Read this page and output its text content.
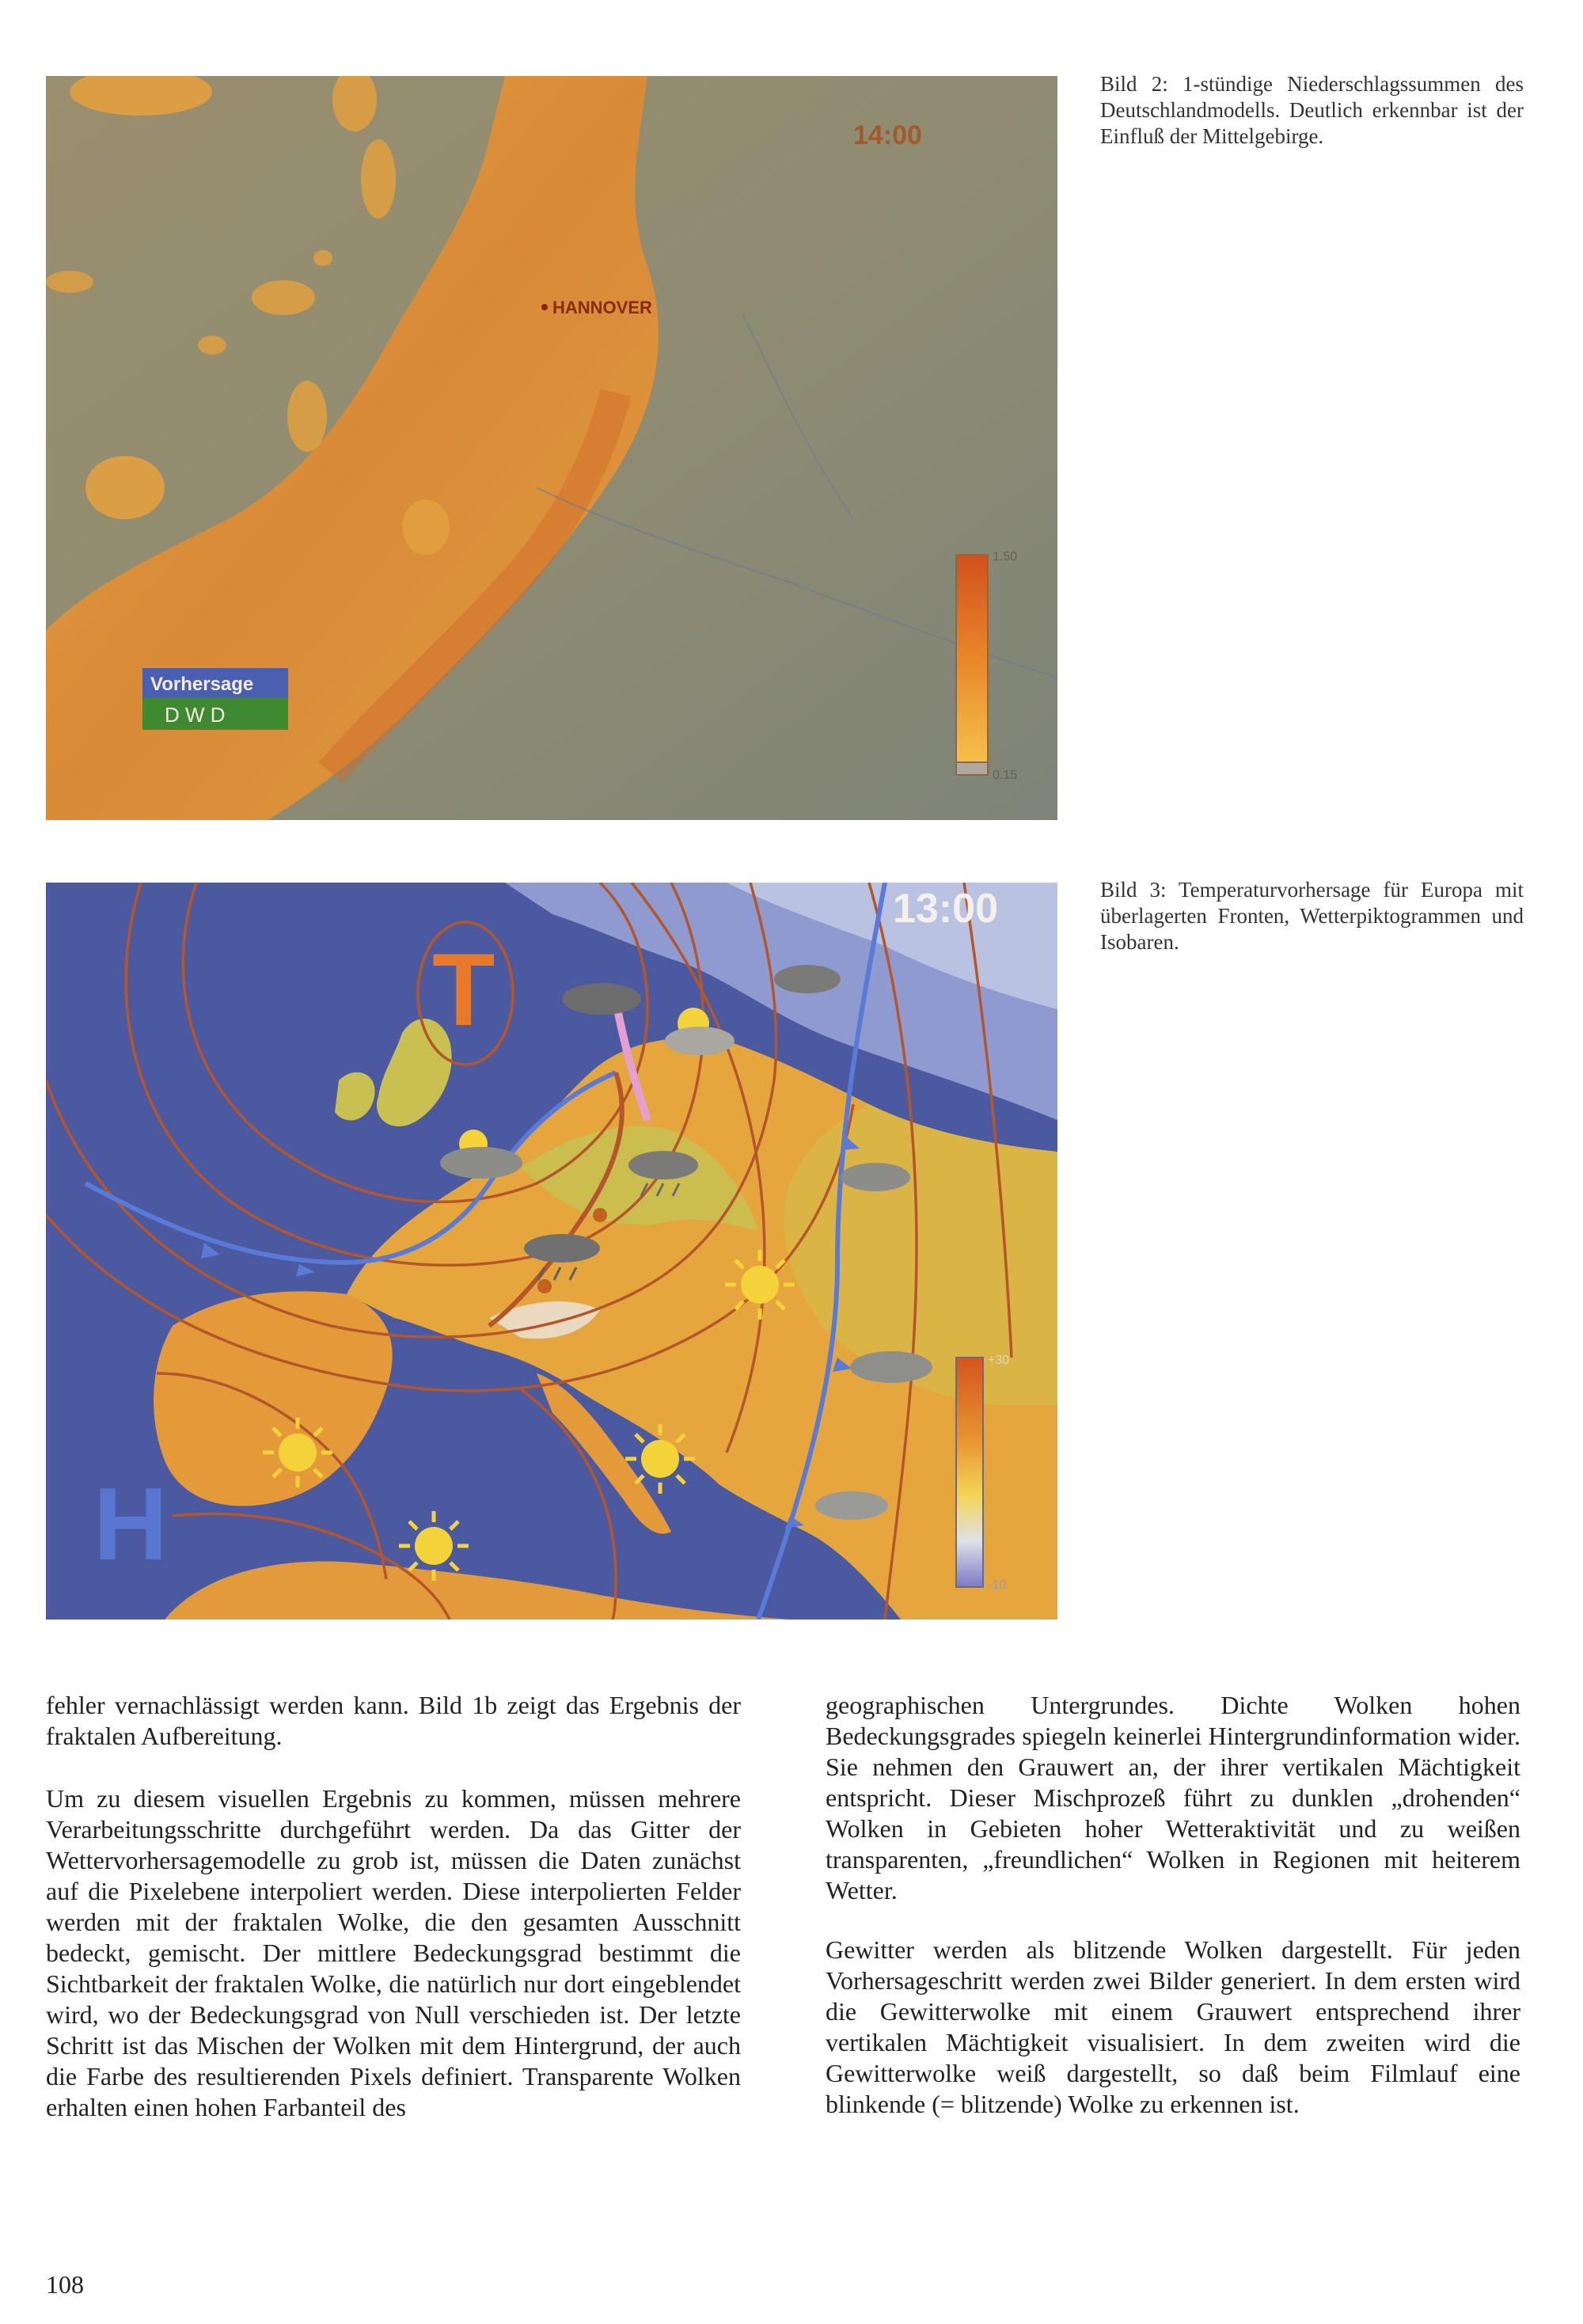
14:00
HANNOVER
1.50
0.15
Vorhersage
D W D
Bild 2: 1-stündige Niederschlagssummen des Deutschlandmodells. Deutlich erkennbar ist der Einfluß der Mittelgebirge.
T
H
13:00
+30
-10
Bild 3: Temperaturvorhersage für Europa mit überlagerten Fronten, Wetterpiktogrammen und Isobaren.

fehler vernachlässigt werden kann. Bild 1b zeigt das Ergebnis der fraktalen Aufbereitung.

Um zu diesem visuellen Ergebnis zu kommen, müssen mehrere Verarbeitungsschritte durchgeführt werden. Da das Gitter der Wettervorhersagemodelle zu grob ist, müssen die Daten zunächst auf die Pixelebene interpoliert werden. Diese interpolierten Felder werden mit der fraktalen Wolke, die den gesamten Ausschnitt bedeckt, gemischt. Der mittlere Bedeckungsgrad bestimmt die Sichtbarkeit der fraktalen Wolke, die natürlich nur dort eingeblendet wird, wo der Bedeckungsgrad von Null verschieden ist. Der letzte Schritt ist das Mischen der Wolken mit dem Hintergrund, der auch die Farbe des resultierenden Pixels definiert. Transparente Wolken erhalten einen hohen Farbanteil des

geographischen Untergrundes. Dichte Wolken hohen Bedeckungsgrades spiegeln keinerlei Hintergrundinformation wider. Sie nehmen den Grauwert an, der ihrer vertikalen Mächtigkeit entspricht. Dieser Mischprozeß führt zu dunklen „drohenden“ Wolken in Gebieten hoher Wetteraktivität und zu weißen transparenten, „freundlichen“ Wolken in Regionen mit heiterem Wetter.

Gewitter werden als blitzende Wolken dargestellt. Für jeden Vorhersageschritt werden zwei Bilder generiert. In dem ersten wird die Gewitterwolke mit einem Grauwert entsprechend ihrer vertikalen Mächtigkeit visualisiert. In dem zweiten wird die Gewitterwolke weiß dargestellt, so daß beim Filmlauf eine blinkende (= blitzende) Wolke zu erkennen ist.

108
